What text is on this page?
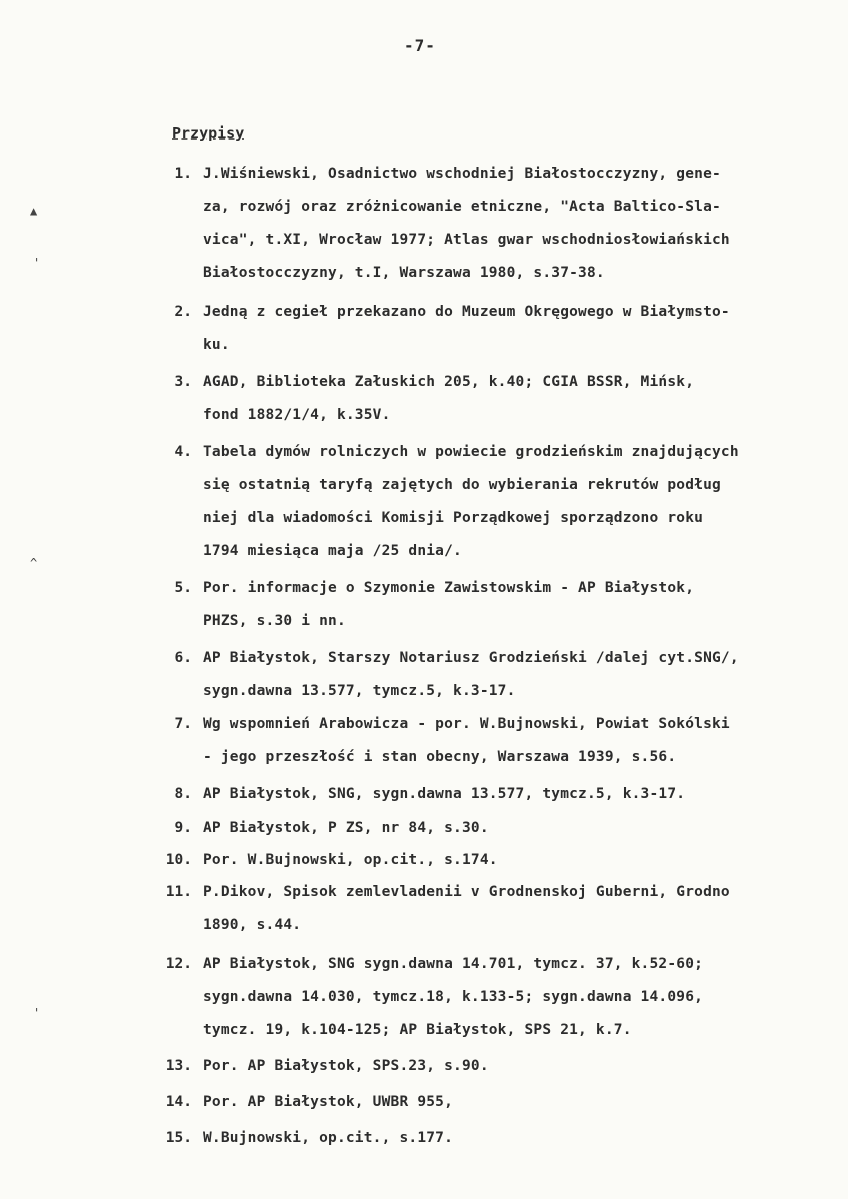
-7-
Przypisy
▲
'
^
'
1. J.Wiśniewski, Osadnictwo wschodniej Białostocczyzny, gene-
za, rozwój oraz zróżnicowanie etniczne, "Acta Baltico-Sla-
vica", t.XI, Wrocław 1977; Atlas gwar wschodniosłowiańskich
Białostocczyzny, t.I, Warszawa 1980, s.37-38.
2. Jedną z cegieł przekazano do Muzeum Okręgowego w Białymsto-
ku.
3. AGAD, Biblioteka Załuskich 205, k.40; CGIA BSSR, Mińsk,
fond 1882/1/4, k.35V.
4. Tabela dymów rolniczych w powiecie grodzieńskim znajdujących
się ostatnią taryfą zajętych do wybierania rekrutów podług
niej dla wiadomości Komisji Porządkowej sporządzono roku
1794 miesiąca maja /25 dnia/.
5. Por. informacje o Szymonie Zawistowskim - AP Białystok,
PHZS, s.30 i nn.
6. AP Białystok, Starszy Notariusz Grodzieński /dalej cyt.SNG/,
sygn.dawna 13.577, tymcz.5, k.3-17.
7. Wg wspomnień Arabowicza - por. W.Bujnowski, Powiat Sokólski
- jego przeszłość i stan obecny, Warszawa 1939, s.56.
8. AP Białystok, SNG, sygn.dawna 13.577, tymcz.5, k.3-17.
9. AP Białystok, P ZS, nr 84, s.30.
10. Por. W.Bujnowski, op.cit., s.174.
11. P.Dikov, Spisok zemlevladenii v Grodnenskoj Guberni, Grodno
1890, s.44.
12. AP Białystok, SNG sygn.dawna 14.701, tymcz. 37, k.52-60;
sygn.dawna 14.030, tymcz.18, k.133-5; sygn.dawna 14.096,
tymcz. 19, k.104-125; AP Białystok, SPS 21, k.7.
13. Por. AP Białystok, SPS.23, s.90.
14. Por. AP Białystok, UWBR 955,
15. W.Bujnowski, op.cit., s.177.
